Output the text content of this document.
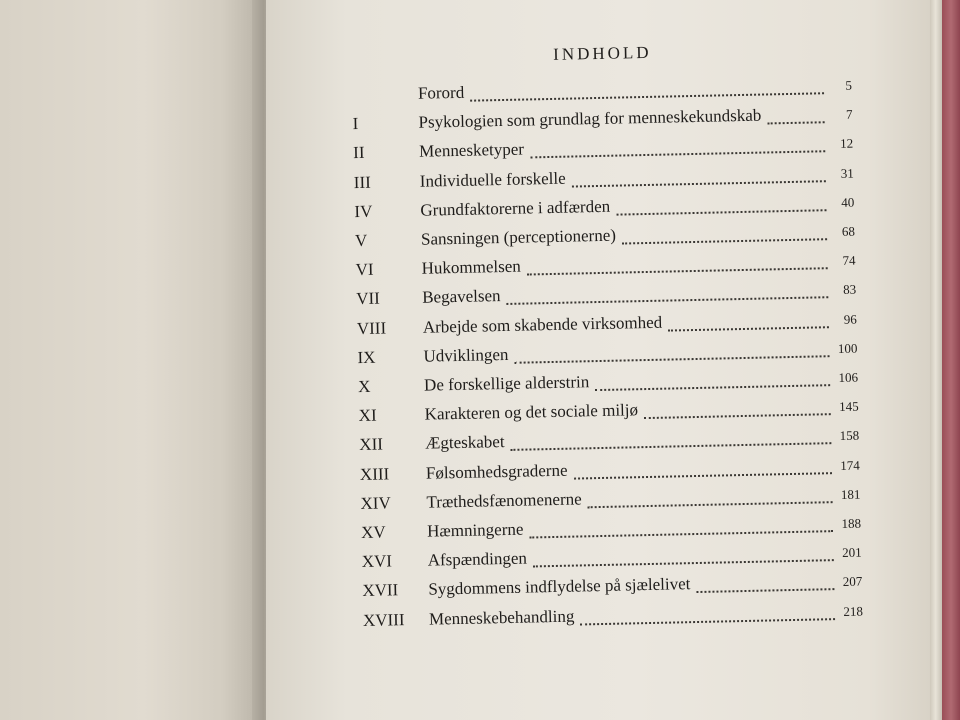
INDHOLD
Forord	5
I	Psykologien som grundlag for menneskekundskab	7
II	Mennesketyper	12
III	Individuelle forskelle	31
IV	Grundfaktorerne i adfærden	40
V	Sansningen (perceptionerne)	68
VI	Hukommelsen	74
VII	Begavelsen	83
VIII	Arbejde som skabende virksomhed	96
IX	Udviklingen	100
X	De forskellige alderstrin	106
XI	Karakteren og det sociale miljø	145
XII	Ægteskabet	158
XIII	Følsomhedsgraderne	174
XIV	Træthedsfænomenerne	181
XV	Hæmningerne	188
XVI	Afspændingen	201
XVII	Sygdommens indflydelse på sjælelivet	207
XVIII	Menneskebehandling	218
